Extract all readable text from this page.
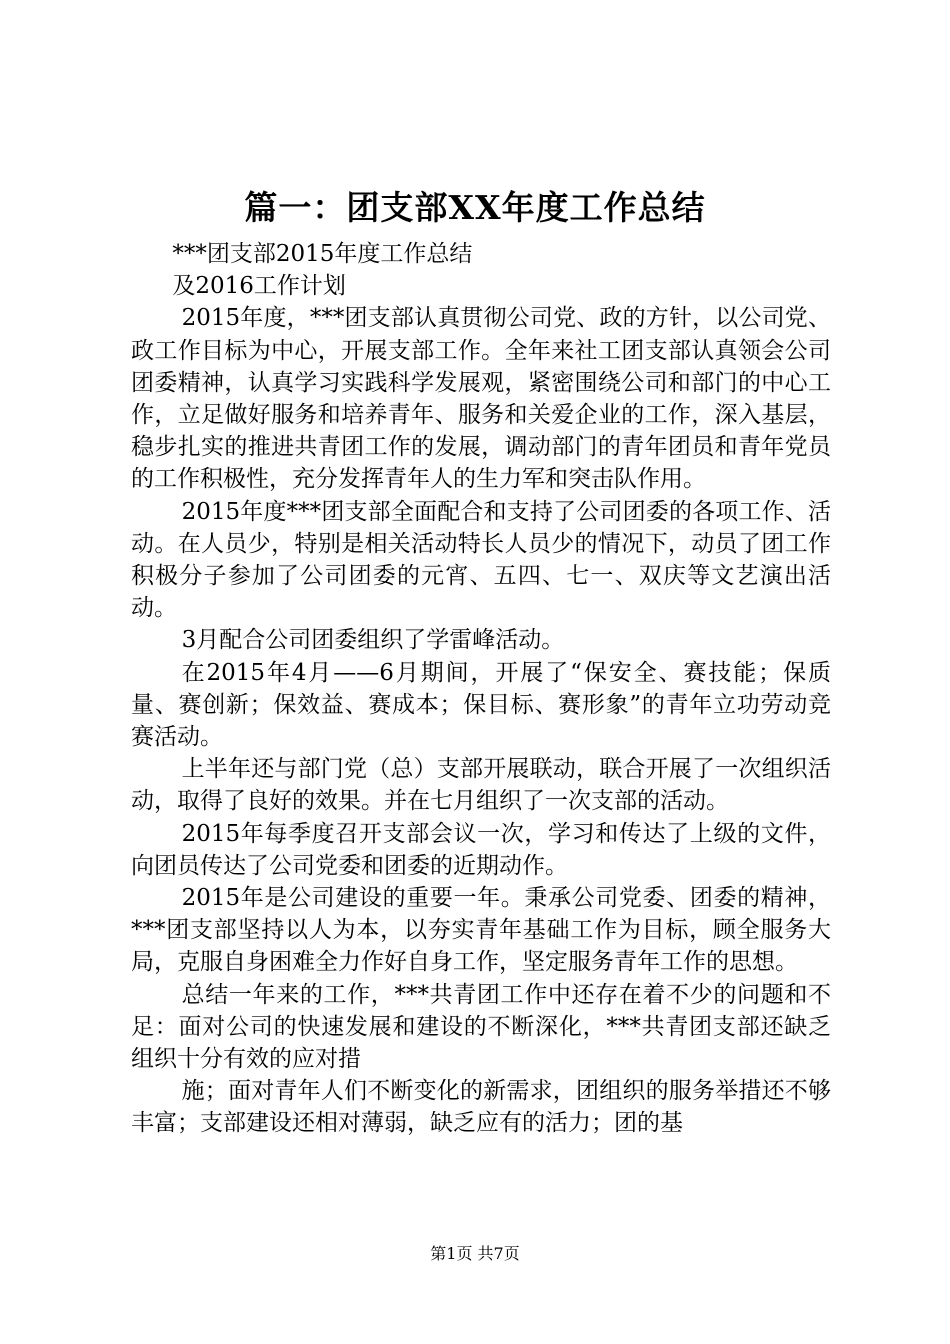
篇一：团支部XX年度工作总结

***团支部2015年度工作总结

及2016工作计划

2015年度，***团支部认真贯彻公司党、政的方针，以公司党、政工作目标为中心，开展支部工作。全年来社工团支部认真领会公司团委精神，认真学习实践科学发展观，紧密围绕公司和部门的中心工作，立足做好服务和培养青年、服务和关爱企业的工作，深入基层，稳步扎实的推进共青团工作的发展，调动部门的青年团员和青年党员的工作积极性，充分发挥青年人的生力军和突击队作用。

2015年度***团支部全面配合和支持了公司团委的各项工作、活动。在人员少，特别是相关活动特长人员少的情况下，动员了团工作积极分子参加了公司团委的元宵、五四、七一、双庆等文艺演出活动。

3月配合公司团委组织了学雷峰活动。

在2015年4月——6月期间，开展了“保安全、赛技能；保质量、赛创新；保效益、赛成本；保目标、赛形象”的青年立功劳动竞赛活动。

上半年还与部门党（总）支部开展联动，联合开展了一次组织活动，取得了良好的效果。并在七月组织了一次支部的活动。

2015年每季度召开支部会议一次，学习和传达了上级的文件，向团员传达了公司党委和团委的近期动作。

2015年是公司建设的重要一年。秉承公司党委、团委的精神，***团支部坚持以人为本，以夯实青年基础工作为目标，顾全服务大局，克服自身困难全力作好自身工作，坚定服务青年工作的思想。

总结一年来的工作，***共青团工作中还存在着不少的问题和不足：面对公司的快速发展和建设的不断深化，***共青团支部还缺乏组织十分有效的应对措

施；面对青年人们不断变化的新需求，团组织的服务举措还不够丰富；支部建设还相对薄弱，缺乏应有的活力；团的基

第1页 共7页
